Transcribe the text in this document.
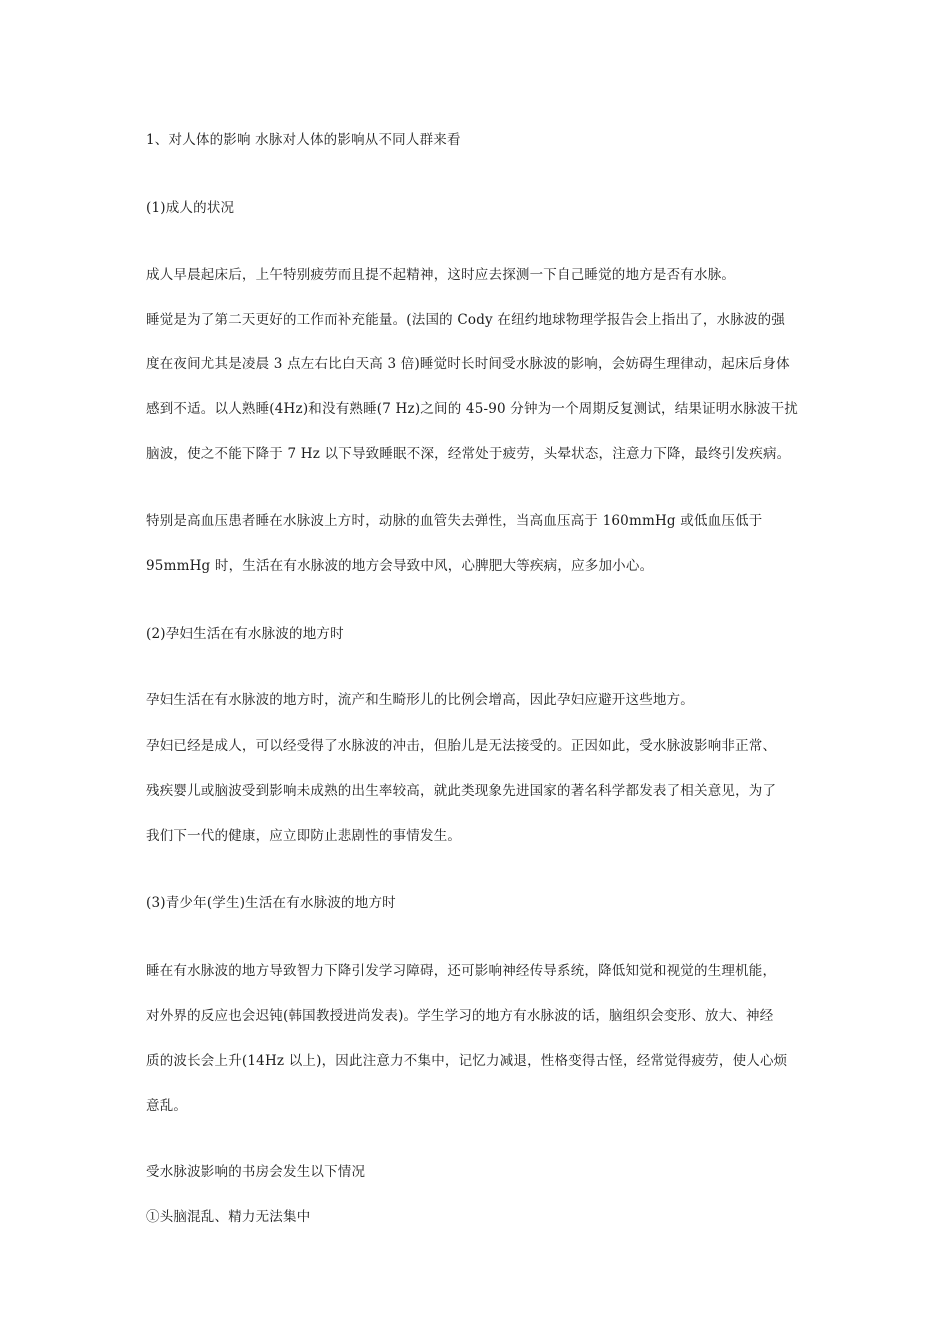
1、对人体的影响 水脉对人体的影响从不同人群来看
(1)成人的状况
成人早晨起床后，上午特别疲劳而且提不起精神，这时应去探测一下自己睡觉的地方是否有水脉。
睡觉是为了第二天更好的工作而补充能量。(法国的 Cody 在纽约地球物理学报告会上指出了，水脉波的强
度在夜间尤其是凌晨 3 点左右比白天高 3 倍)睡觉时长时间受水脉波的影响，会妨碍生理律动，起床后身体
感到不适。以人熟睡(4Hz)和没有熟睡(7 Hz)之间的 45-90 分钟为一个周期反复测试，结果证明水脉波干扰
脑波，使之不能下降于 7 Hz 以下导致睡眠不深，经常处于疲劳，头晕状态，注意力下降，最终引发疾病。
特别是高血压患者睡在水脉波上方时，动脉的血管失去弹性，当高血压高于 160mmHg 或低血压低于
95mmHg 时，生活在有水脉波的地方会导致中风，心脾肥大等疾病，应多加小心。
(2)孕妇生活在有水脉波的地方时
孕妇生活在有水脉波的地方时，流产和生畸形儿的比例会增高，因此孕妇应避开这些地方。
孕妇已经是成人，可以经受得了水脉波的冲击，但胎儿是无法接受的。正因如此，受水脉波影响非正常、
残疾婴儿或脑波受到影响未成熟的出生率较高，就此类现象先进国家的著名科学都发表了相关意见，为了
我们下一代的健康，应立即防止悲剧性的事情发生。
(3)青少年(学生)生活在有水脉波的地方时
睡在有水脉波的地方导致智力下降引发学习障碍，还可影响神经传导系统，降低知觉和视觉的生理机能，
对外界的反应也会迟钝(韩国教授进尚发表)。学生学习的地方有水脉波的话，脑组织会变形、放大、神经
质的波长会上升(14Hz 以上)，因此注意力不集中，记忆力减退，性格变得古怪，经常觉得疲劳，使人心烦
意乱。
受水脉波影响的书房会发生以下情况
①头脑混乱、精力无法集中
